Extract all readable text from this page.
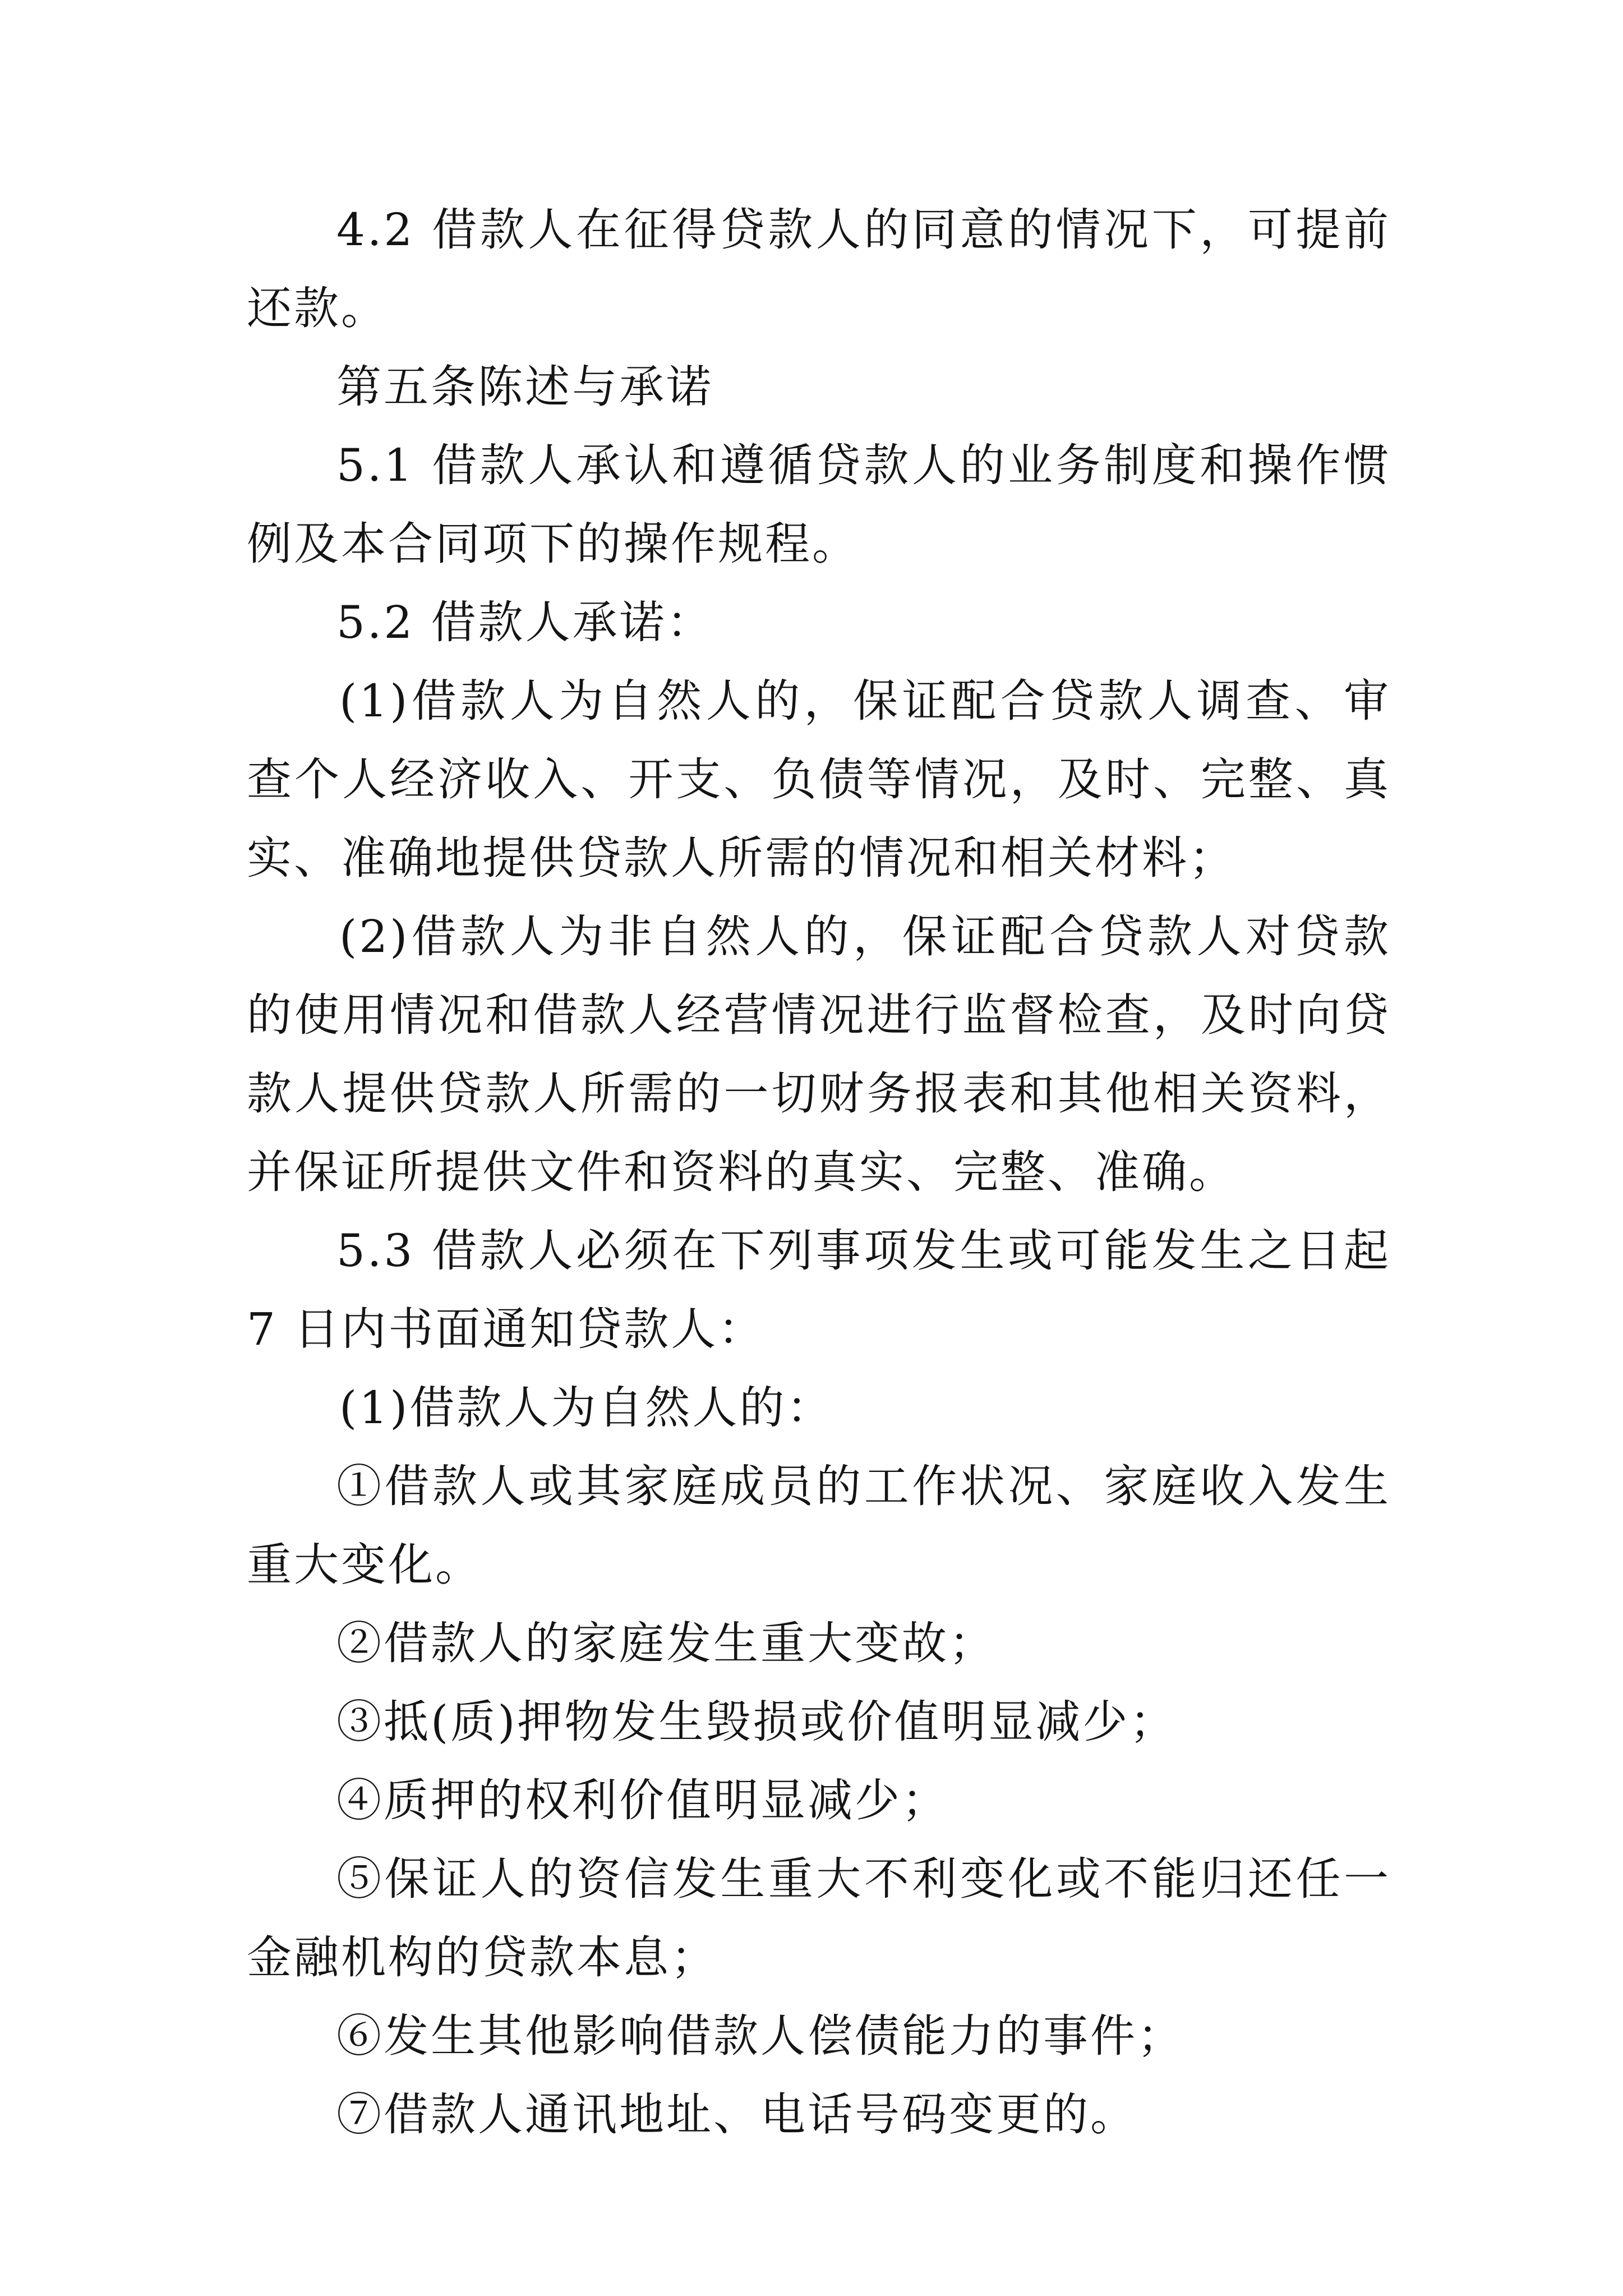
4.2 借款人在征得贷款人的同意的情况下，可提前还款。

第五条陈述与承诺

5.1 借款人承认和遵循贷款人的业务制度和操作惯例及本合同项下的操作规程。

5.2 借款人承诺：

(1)借款人为自然人的，保证配合贷款人调查、审查个人经济收入、开支、负债等情况，及时、完整、真实、准确地提供贷款人所需的情况和相关材料；

(2)借款人为非自然人的，保证配合贷款人对贷款的使用情况和借款人经营情况进行监督检查，及时向贷款人提供贷款人所需的一切财务报表和其他相关资料，并保证所提供文件和资料的真实、完整、准确。

5.3 借款人必须在下列事项发生或可能发生之日起 7 日内书面通知贷款人：

(1)借款人为自然人的：

①借款人或其家庭成员的工作状况、家庭收入发生重大变化。

②借款人的家庭发生重大变故；

③抵(质)押物发生毁损或价值明显减少；

④质押的权利价值明显减少；

⑤保证人的资信发生重大不利变化或不能归还任一金融机构的贷款本息；

⑥发生其他影响借款人偿债能力的事件；

⑦借款人通讯地址、电话号码变更的。
